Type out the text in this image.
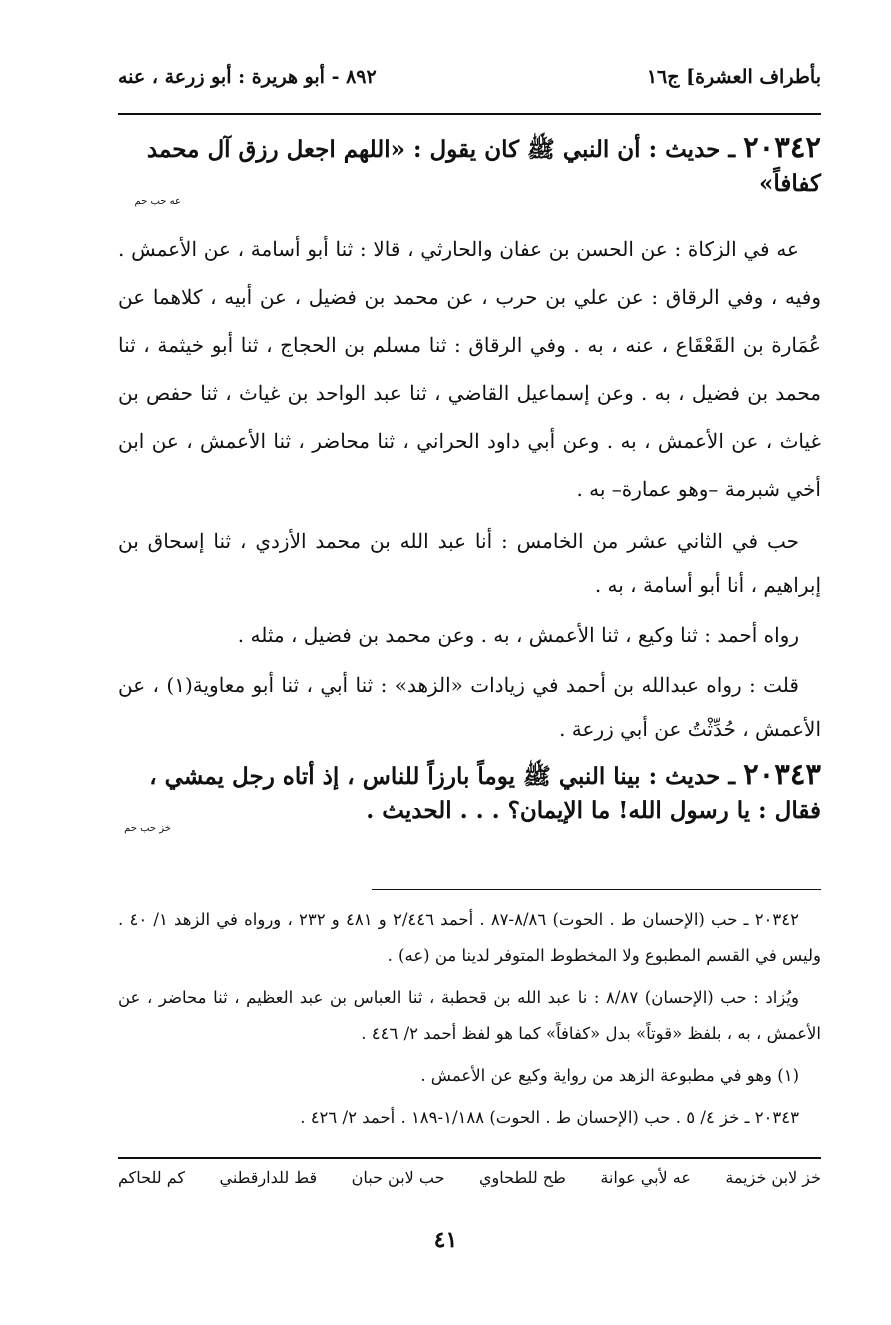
بأطراف العشرة] ج١٦
٨٩٢ - أبو هريرة : أبو زرعة ، عنه
٢٠٣٤٢ ـ حديث : أن النبي ﷺ كان يقول : «اللهم اجعل رزق آل محمد كفافاً»
عه حب حم

عه في الزكاة : عن الحسن بن عفان والحارثي ، قالا : ثنا أبو أسامة ، عن الأعمش . وفيه ، وفي الرقاق : عن علي بن حرب ، عن محمد بن فضيل ، عن أبيه ، كلاهما عن عُمَارة بن القَعْقَاع ، عنه ، به . وفي الرقاق : ثنا مسلم بن الحجاج ، ثنا أبو خيثمة ، ثنا محمد بن فضيل ، به . وعن إسماعيل القاضي ، ثنا عبد الواحد بن غياث ، ثنا حفص بن غياث ، عن الأعمش ، به . وعن أبي داود الحراني ، ثنا محاضر ، ثنا الأعمش ، عن ابن أخي شبرمة –وهو عمارة– به .

حب في الثاني عشر من الخامس : أنا عبد الله بن محمد الأزدي ، ثنا إسحاق بن إبراهيم ، أنا أبو أسامة ، به .

رواه أحمد : ثنا وكيع ، ثنا الأعمش ، به . وعن محمد بن فضيل ، مثله .

قلت : رواه عبدالله بن أحمد في زيادات «الزهد» : ثنا أبي ، ثنا أبو معاوية(١) ، عن الأعمش ، حُدِّثْتُ عن أبي زرعة .

٢٠٣٤٣ ـ حديث : بينا النبي ﷺ يوماً بارزاً للناس ، إذ أتاه رجل يمشي ، فقال : يا رسول الله! ما الإيمان؟ . . . الحديث .
خز حب حم

٢٠٣٤٢ ـ حب (الإحسان ط . الحوت) ٨/٨٦-٨٧ . أحمد ٢/٤٤٦ و ٤٨١ و ٢٣٢ ، ورواه في الزهد ١/ ٤٠ . وليس في القسم المطبوع ولا المخطوط المتوفر لدينا من (عه) .

ويُزاد : حب (الإحسان) ٨/٨٧ : نا عبد الله بن قحطبة ، ثنا العباس بن عبد العظيم ، ثنا محاضر ، عن الأعمش ، به ، بلفظ «قوتاً» بدل «كفافاً» كما هو لفظ أحمد ٢/ ٤٤٦ .

(١) وهو في مطبوعة الزهد من رواية وكيع عن الأعمش .

٢٠٣٤٣ ـ خز ٤/ ٥ . حب (الإحسان ط . الحوت) ١/١٨٨-١٨٩ . أحمد ٢/ ٤٢٦ .

خز لابن خزيمة
عه لأبي عوانة
طح للطحاوي
حب لابن حبان
قط للدارقطني
كم للحاكم
٤١
